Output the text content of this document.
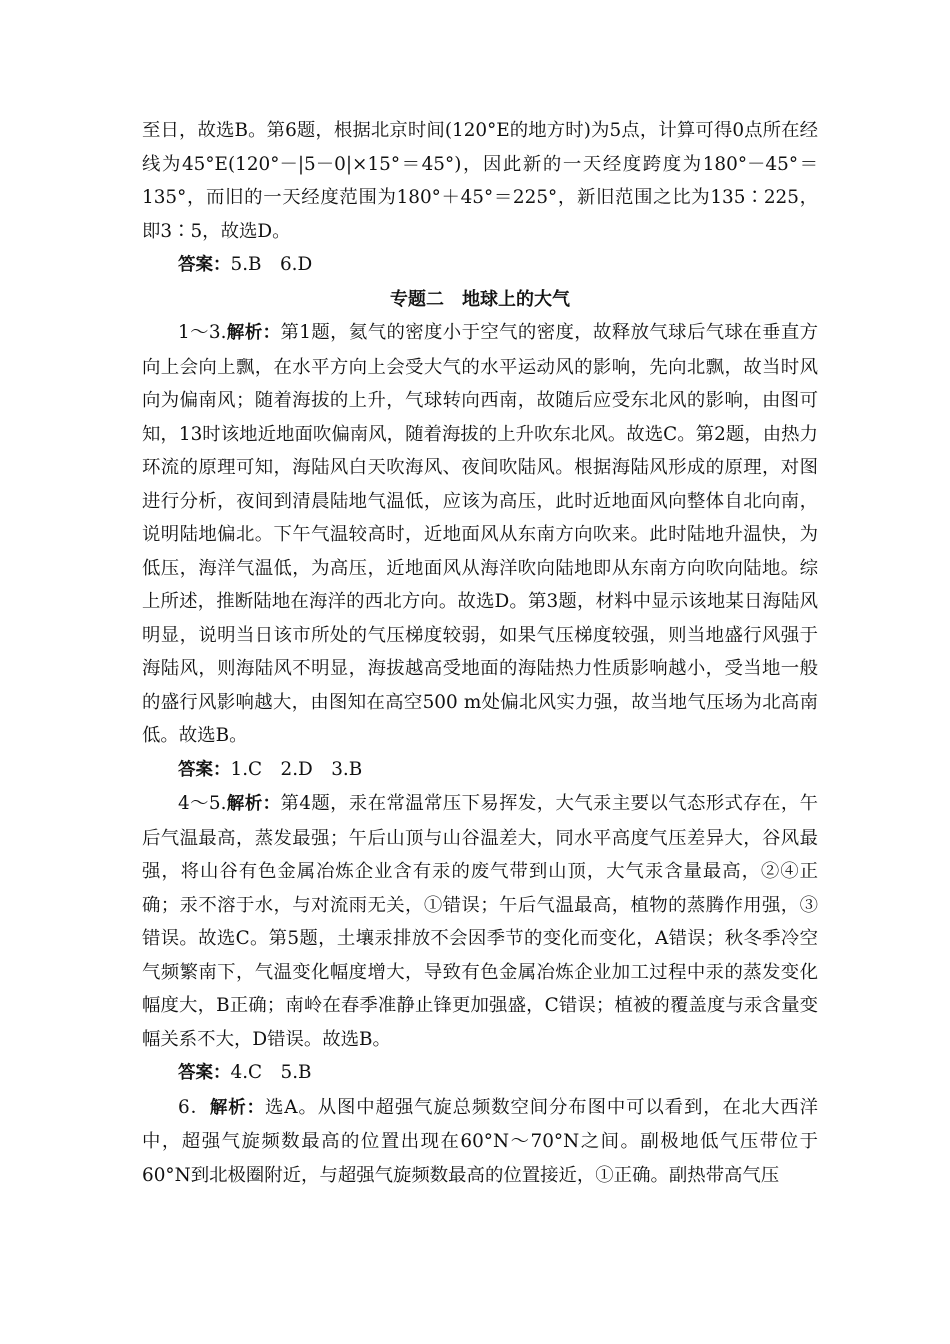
至日，故选B。第6题，根据北京时间(120°E的地方时)为5点，计算可得0点所在经线为45°E(120°－|5－0|×15°＝45°)，因此新的一天经度跨度为180°－45°＝135°，而旧的一天经度范围为180°＋45°＝225°，新旧范围之比为135∶225，即3∶5，故选D。

答案：5.B　6.D

专题二　地球上的大气

1～3.解析：第1题，氦气的密度小于空气的密度，故释放气球后气球在垂直方向上会向上飘，在水平方向上会受大气的水平运动风的影响，先向北飘，故当时风向为偏南风；随着海拔的上升，气球转向西南，故随后应受东北风的影响，由图可知，13时该地近地面吹偏南风，随着海拔的上升吹东北风。故选C。第2题，由热力环流的原理可知，海陆风白天吹海风、夜间吹陆风。根据海陆风形成的原理，对图进行分析，夜间到清晨陆地气温低，应该为高压，此时近地面风向整体自北向南，说明陆地偏北。下午气温较高时，近地面风从东南方向吹来。此时陆地升温快，为低压，海洋气温低，为高压，近地面风从海洋吹向陆地即从东南方向吹向陆地。综上所述，推断陆地在海洋的西北方向。故选D。第3题，材料中显示该地某日海陆风明显，说明当日该市所处的气压梯度较弱，如果气压梯度较强，则当地盛行风强于海陆风，则海陆风不明显，海拔越高受地面的海陆热力性质影响越小，受当地一般的盛行风影响越大，由图知在高空500 m处偏北风实力强，故当地气压场为北高南低。故选B。

答案：1.C　2.D　3.B

4～5.解析：第4题，汞在常温常压下易挥发，大气汞主要以气态形式存在，午后气温最高，蒸发最强；午后山顶与山谷温差大，同水平高度气压差异大，谷风最强，将山谷有色金属冶炼企业含有汞的废气带到山顶，大气汞含量最高，②④正确；汞不溶于水，与对流雨无关，①错误；午后气温最高，植物的蒸腾作用强，③错误。故选C。第5题，土壤汞排放不会因季节的变化而变化，A错误；秋冬季冷空气频繁南下，气温变化幅度增大，导致有色金属冶炼企业加工过程中汞的蒸发变化幅度大，B正确；南岭在春季准静止锋更加强盛，C错误；植被的覆盖度与汞含量变幅关系不大，D错误。故选B。

答案：4.C　5.B

6．解析：选A。从图中超强气旋总频数空间分布图中可以看到，在北大西洋中，超强气旋频数最高的位置出现在60°N～70°N之间。副极地低气压带位于60°N到北极圈附近，与超强气旋频数最高的位置接近，①正确。副热带高气压
